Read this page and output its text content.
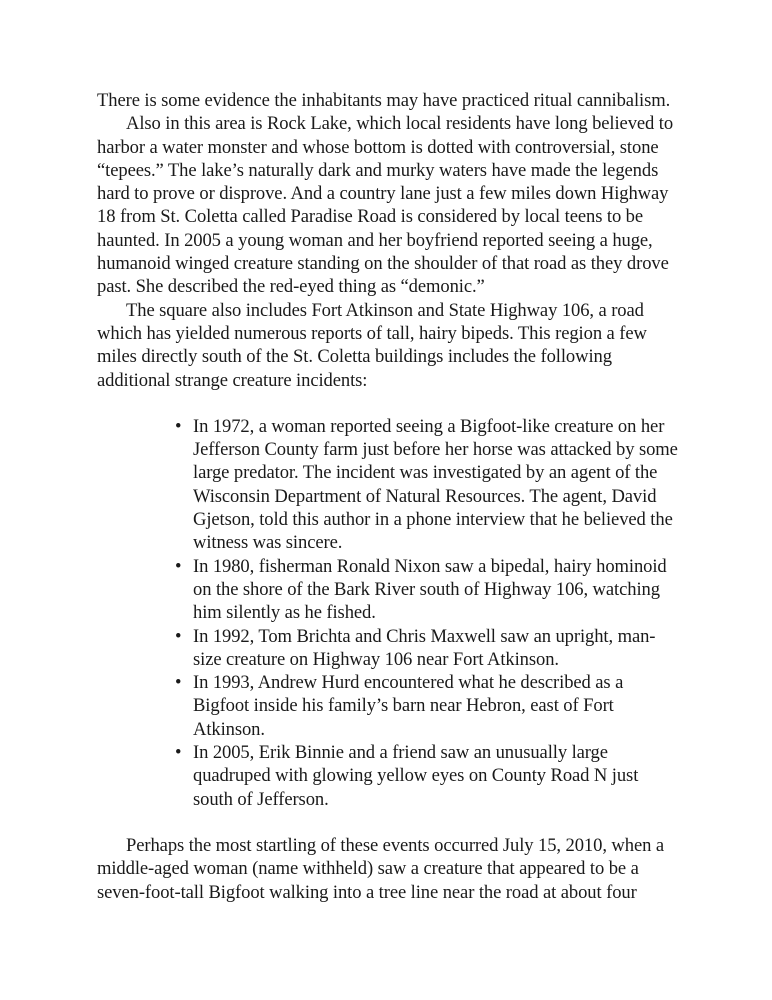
There is some evidence the inhabitants may have practiced ritual cannibalism.

Also in this area is Rock Lake, which local residents have long believed to harbor a water monster and whose bottom is dotted with controversial, stone “tepees.” The lake’s naturally dark and murky waters have made the legends hard to prove or disprove. And a country lane just a few miles down Highway 18 from St. Coletta called Paradise Road is considered by local teens to be haunted. In 2005 a young woman and her boyfriend reported seeing a huge, humanoid winged creature standing on the shoulder of that road as they drove past. She described the red-eyed thing as “demonic.”

The square also includes Fort Atkinson and State Highway 106, a road which has yielded numerous reports of tall, hairy bipeds. This region a few miles directly south of the St. Coletta buildings includes the following additional strange creature incidents:

• In 1972, a woman reported seeing a Bigfoot-like creature on her Jefferson County farm just before her horse was attacked by some large predator. The incident was investigated by an agent of the Wisconsin Department of Natural Resources. The agent, David Gjetson, told this author in a phone interview that he believed the witness was sincere.
• In 1980, fisherman Ronald Nixon saw a bipedal, hairy hominoid on the shore of the Bark River south of Highway 106, watching him silently as he fished.
• In 1992, Tom Brichta and Chris Maxwell saw an upright, man-size creature on Highway 106 near Fort Atkinson.
• In 1993, Andrew Hurd encountered what he described as a Bigfoot inside his family’s barn near Hebron, east of Fort Atkinson.
• In 2005, Erik Binnie and a friend saw an unusually large quadruped with glowing yellow eyes on County Road N just south of Jefferson.

Perhaps the most startling of these events occurred July 15, 2010, when a middle-aged woman (name withheld) saw a creature that appeared to be a seven-foot-tall Bigfoot walking into a tree line near the road at about four
